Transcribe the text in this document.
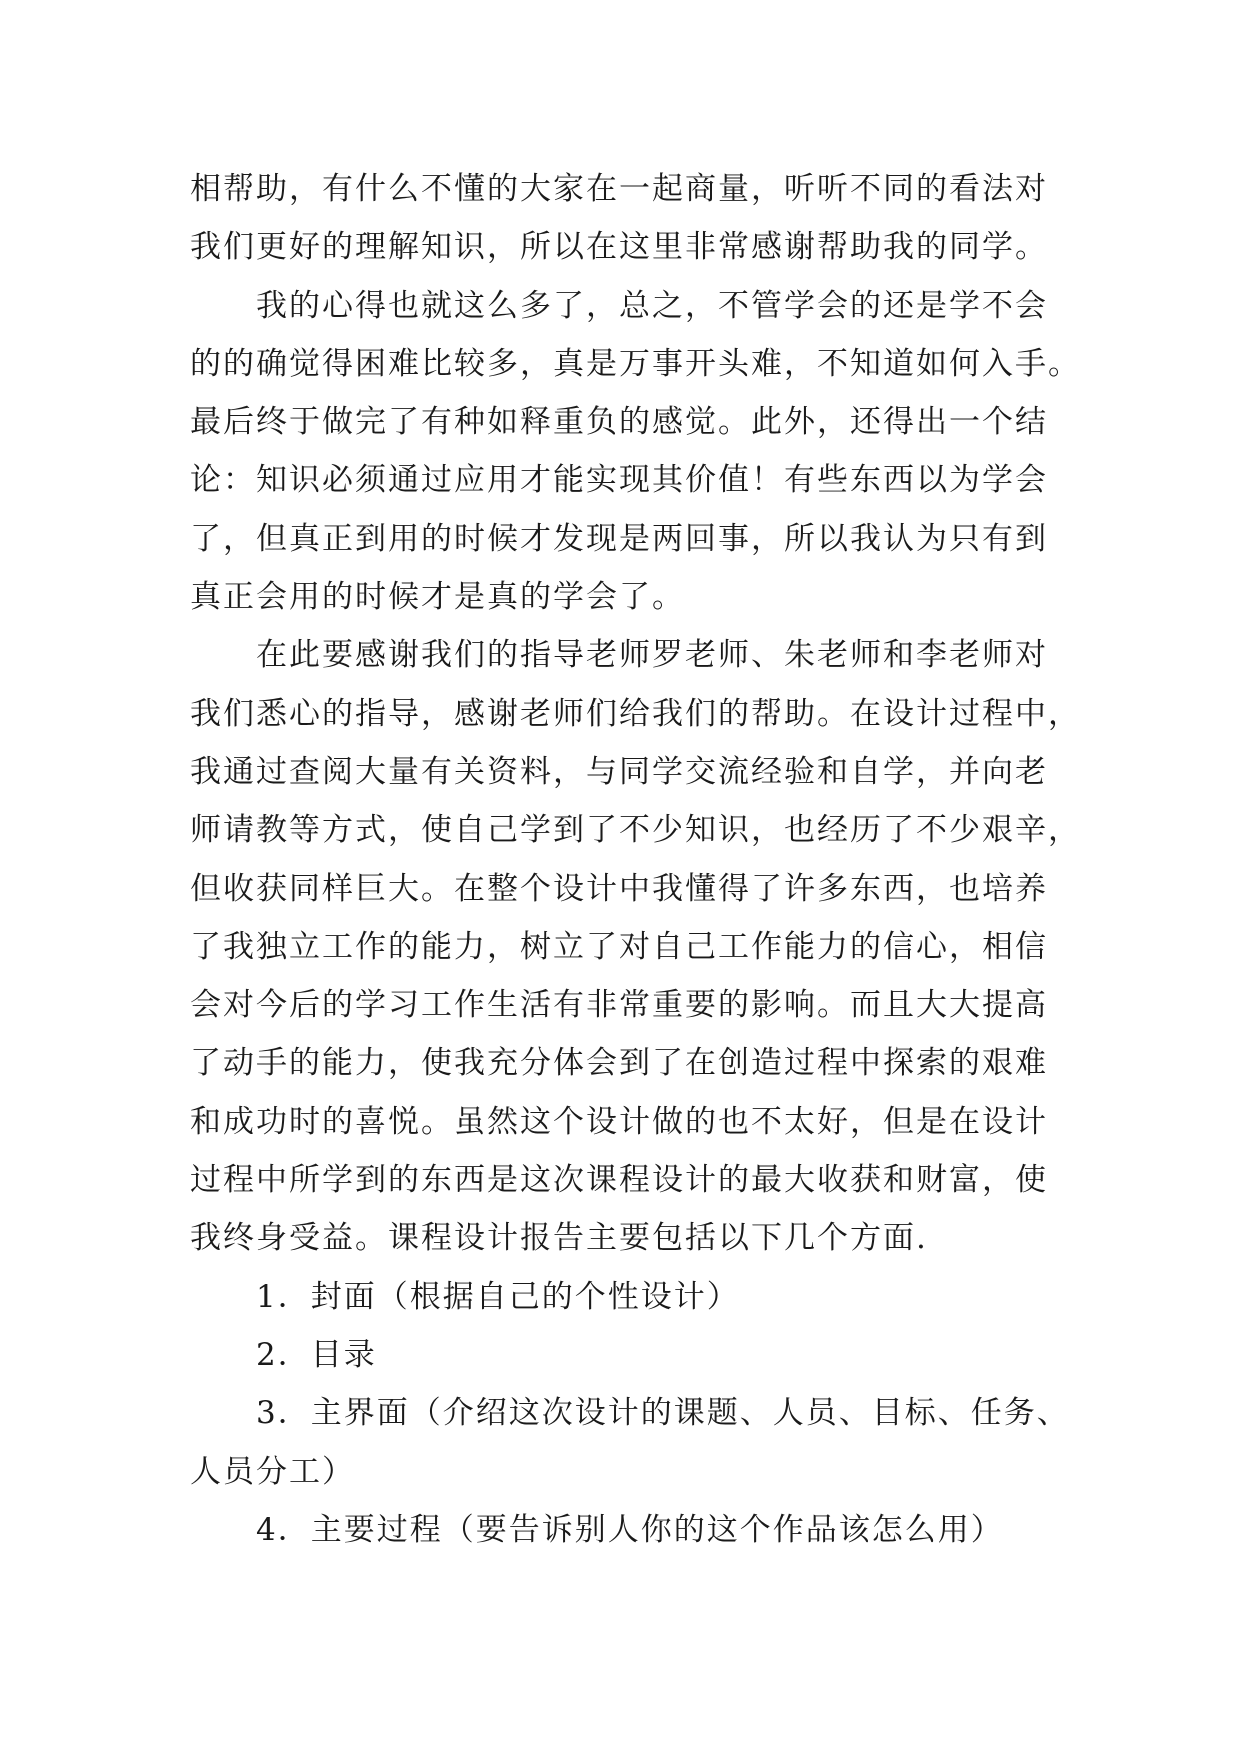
相帮助，有什么不懂的大家在一起商量，听听不同的看法对
我们更好的理解知识，所以在这里非常感谢帮助我的同学。
我的心得也就这么多了，总之，不管学会的还是学不会
的的确觉得困难比较多，真是万事开头难，不知道如何入手。
最后终于做完了有种如释重负的感觉。此外，还得出一个结
论：知识必须通过应用才能实现其价值！有些东西以为学会
了，但真正到用的时候才发现是两回事，所以我认为只有到
真正会用的时候才是真的学会了。
在此要感谢我们的指导老师罗老师、朱老师和李老师对
我们悉心的指导，感谢老师们给我们的帮助。在设计过程中，
我通过查阅大量有关资料，与同学交流经验和自学，并向老
师请教等方式，使自己学到了不少知识，也经历了不少艰辛，
但收获同样巨大。在整个设计中我懂得了许多东西，也培养
了我独立工作的能力，树立了对自己工作能力的信心，相信
会对今后的学习工作生活有非常重要的影响。而且大大提高
了动手的能力，使我充分体会到了在创造过程中探索的艰难
和成功时的喜悦。虽然这个设计做的也不太好，但是在设计
过程中所学到的东西是这次课程设计的最大收获和财富，使
我终身受益。课程设计报告主要包括以下几个方面.
1．封面（根据自己的个性设计）
2．目录
3．主界面（介绍这次设计的课题、人员、目标、任务、
人员分工）
4．主要过程（要告诉别人你的这个作品该怎么用）
